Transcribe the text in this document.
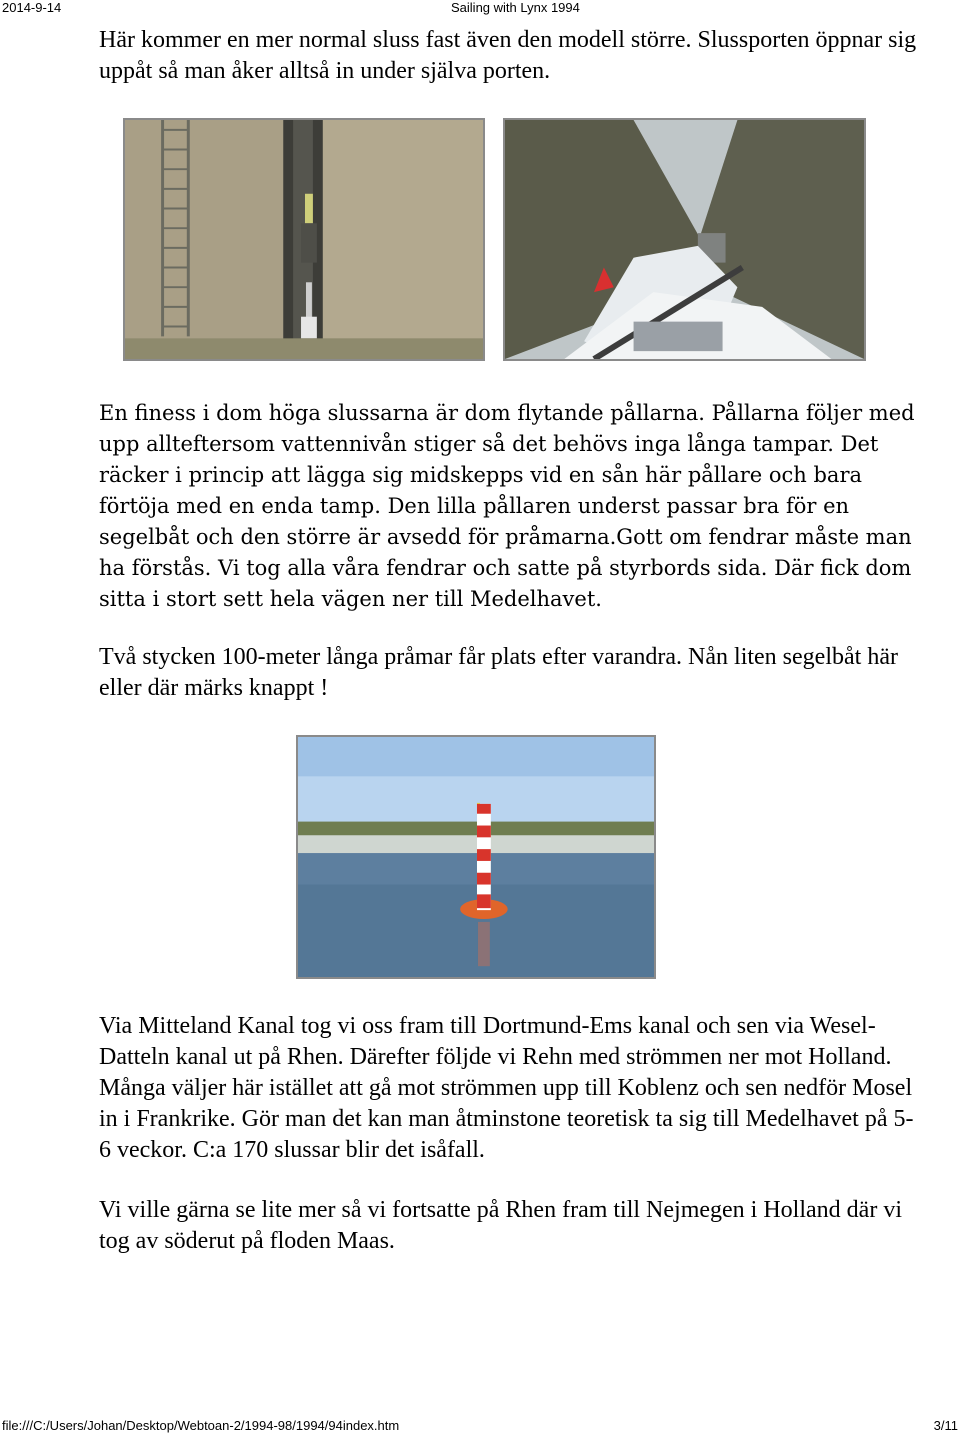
2014-9-14	Sailing with Lynx 1994

Här kommer en mer normal sluss fast även den modell större. Slussporten öppnar sig uppåt så man åker alltså in under själva porten.

En finess i dom höga slussarna är dom flytande pållarna. Pållarna följer med upp allteftersom vattennivån stiger så det behövs inga långa tampar. Det räcker i princip att lägga sig midskepps vid en sån här pållare och bara förtöja med en enda tamp. Den lilla pållaren underst passar bra för en segelbåt och den större är avsedd för pråmarna.Gott om fendrar måste man ha förstås. Vi tog alla våra fendrar och satte på styrbords sida. Där fick dom sitta i stort sett hela vägen ner till Medelhavet.

Två stycken 100-meter långa pråmar får plats efter varandra. Nån liten segelbåt här eller där märks knappt !

Via Mitteland Kanal tog vi oss fram till Dortmund-Ems kanal och sen via Wesel-Datteln kanal ut på Rhen. Därefter följde vi Rehn med strömmen ner mot Holland. Många väljer här istället att gå mot strömmen upp till Koblenz och sen nedför Mosel in i Frankrike. Gör man det kan man åtminstone teoretisk ta sig till Medelhavet på 5-6 veckor. C:a 170 slussar blir det isåfall.

Vi ville gärna se lite mer så vi fortsatte på Rhen fram till Nejmegen i Holland där vi tog av söderut på floden Maas.

file:///C:/Users/Johan/Desktop/Webtoan-2/1994-98/1994/94index.htm	3/11
